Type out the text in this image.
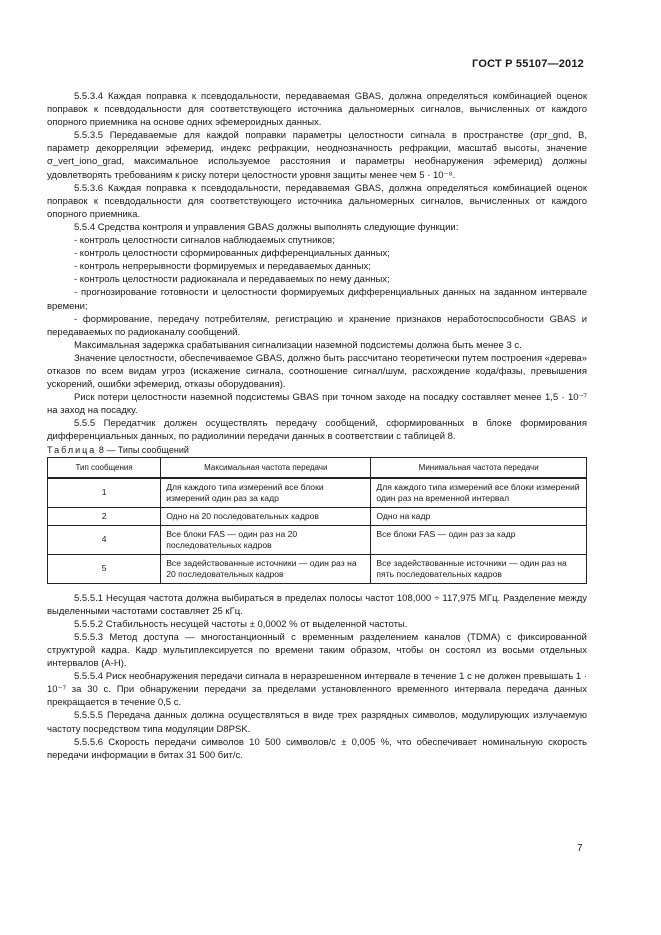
ГОСТ Р 55107—2012

5.5.3.4 Каждая поправка к псевдодальности, передаваемая GBAS, должна определяться комбинацией оценок поправок к псевдодальности для соответствующего источника дальномерных сигналов, вычисленных от каждого опорного приемника на основе одних эфемероидных данных.

5.5.3.5 Передаваемые для каждой поправки параметры целостности сигнала в пространстве (σpr_gnd, B, параметр декорреляции эфемерид, индекс рефракции, неоднозначность рефракции, масштаб высоты, значение σ_vert_iono_grad, максимальное используемое расстояния и параметры необнаружения эфемерид) должны удовлетворять требованиям к риску потери целостности уровня защиты менее чем 5 · 10⁻⁸.

5.5.3.6 Каждая поправка к псевдодальности, передаваемая GBAS, должна определяться комбинацией оценок поправок к псевдодальности для соответствующего источника дальномерных сигналов, вычисленных от каждого опорного приемника.

5.5.4 Средства контроля и управления GBAS должны выполнять следующие функции:

- контроль целостности сигналов наблюдаемых спутников;

- контроль целостности сформированных дифференциальных данных;

- контроль непрерывности формируемых и передаваемых данных;

- контроль целостности радиоканала и передаваемых по нему данных;

- прогнозирование готовности и целостности формируемых дифференциальных данных на заданном интервале времени;

- формирование, передачу потребителям, регистрацию и хранение признаков неработоспособности GBAS и передаваемых по радиоканалу сообщений.

Максимальная задержка срабатывания сигнализации наземной подсистемы должна быть менее 3 с.

Значение целостности, обеспечиваемое GBAS, должно быть рассчитано теоретически путем построения «дерева» отказов по всем видам угроз (искажение сигнала, соотношение сигнал/шум, расхождение кода/фазы, превышения ускорений, ошибки эфемерид, отказы оборудования).

Риск потери целостности наземной подсистемы GBAS при точном заходе на посадку составляет менее 1,5 · 10⁻⁷ на заход на посадку.

5.5.5 Передатчик должен осуществлять передачу сообщений, сформированных в блоке формирования дифференциальных данных, по радиолинии передачи данных в соответствии с таблицей 8.

Таблица 8 — Типы сообщений

Тип сообщения	Максимальная частота передачи	Минимальная частота передачи
1	Для каждого типа измерений все блоки измерений один раз за кадр	Для каждого типа измерений все блоки измерений один раз на временной интервал
2	Одно на 20 последовательных кадров	Одно на кадр
4	Все блоки FAS — один раз на 20 последовательных кадров	Все блоки FAS — один раз за кадр
5	Все задействованные источники — один раз на 20 последовательных кадров	Все задействованные источники — один раз на пять последовательных кадров

5.5.5.1 Несущая частота должна выбираться в пределах полосы частот 108,000 ÷ 117,975 МГц. Разделение между выделенными частотами составляет 25 кГц.

5.5.5.2 Стабильность несущей частоты ± 0,0002 % от выделенной частоты.

5.5.5.3 Метод доступа — многостанционный с временным разделением каналов (TDMA) с фиксированной структурой кадра. Кадр мультиплексируется по времени таким образом, чтобы он состоял из восьми отдельных интервалов (A-H).

5.5.5.4 Риск необнаружения передачи сигнала в неразрешенном интервале в течение 1 с не должен превышать 1 · 10⁻⁷ за 30 с. При обнаружении передачи за пределами установленного временного интервала передача данных прекращается в течение 0,5 с.

5.5.5.5 Передача данных должна осуществляться в виде трех разрядных символов, модулирующих излучаемую частоту посредством типа модуляции D8PSK.

5.5.5.6 Скорость передачи символов 10 500 символов/с ± 0,005 %, что обеспечивает номинальную скорость передачи информации в битах 31 500 бит/с.

7
